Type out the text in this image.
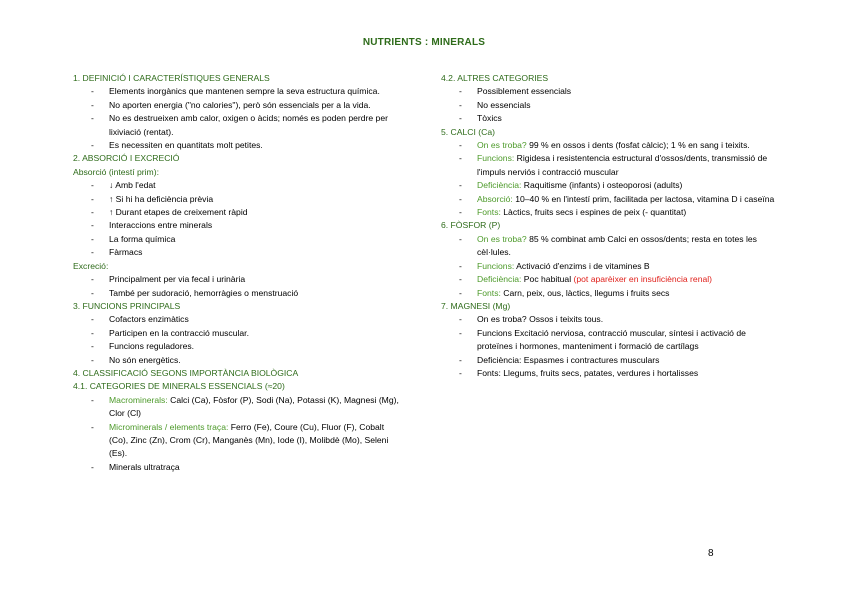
NUTRIENTS : MINERALS
1. DEFINICIÓ I CARACTERÍSTIQUES GENERALS
- Elements inorgànics que mantenen sempre la seva estructura química.
- No aporten energia ("no calories"), però són essencials per a la vida.
- No es destrueixen amb calor, oxigen o àcids; només es poden perdre per lixiviació (rentat).
- Es necessiten en quantitats molt petites.
2. ABSORCIÓ I EXCRECIÓ
Absorció (intestí prim):
- ↓ Amb l'edat
- ↑ Si hi ha deficiència prèvia
- ↑ Durant etapes de creixement ràpid
- Interaccions entre minerals
- La forma química
- Fàrmacs
Excreció:
- Principalment per via fecal i urinària
- També per sudoració, hemorràgies o menstruació
3. FUNCIONS PRINCIPALS
- Cofactors enzimàtics
- Participen en la contracció muscular.
- Funcions reguladores.
- No són energètics.
4. CLASSIFICACIÓ SEGONS IMPORTÀNCIA BIOLÒGICA
4.1. CATEGORIES DE MINERALS ESSENCIALS (≈20)
- Macrominerals: Calci (Ca), Fòsfor (P), Sodi (Na), Potassi (K), Magnesi (Mg), Clor (Cl)
- Microminerals / elements traça: Ferro (Fe), Coure (Cu), Fluor (F), Cobalt (Co), Zinc (Zn), Crom (Cr), Manganès (Mn), Iode (I), Molibdè (Mo), Seleni (Es).
- Minerals ultratraça
4.2. ALTRES CATEGORIES
- Possiblement essencials
- No essencials
- Tòxics
5. CALCI (Ca)
- On es troba? 99 % en ossos i dents (fosfat càlcic); 1 % en sang i teixits.
- Funcions: Rigidesa i resistentencia estructural d'ossos/dents, transmissió de l'impuls nerviós i contracció muscular
- Deficiència: Raquitisme (infants) i osteoporosi (adults)
- Absorció: 10–40 % en l'intestí prim, facilitada per lactosa, vitamina D i caseïna
- Fonts: Làctics, fruits secs i espines de peix (- quantitat)
6. FÒSFOR (P)
- On es troba? 85 % combinat amb Calci en ossos/dents; resta en totes les cèl·lules.
- Funcions: Activació d'enzims i de vitamines B
- Deficiència: Poc habitual (pot aparèixer en insuficiència renal)
- Fonts: Carn, peix, ous, làctics, llegums i fruits secs
7. MAGNESI (Mg)
- On es troba? Ossos i teixits tous.
- Funcions Excitació nerviosa, contracció muscular, síntesi i activació de proteïnes i hormones, manteniment i formació de cartílags
- Deficiència: Espasmes i contractures musculars
- Fonts: Llegums, fruits secs, patates, verdures i hortalisses
8
